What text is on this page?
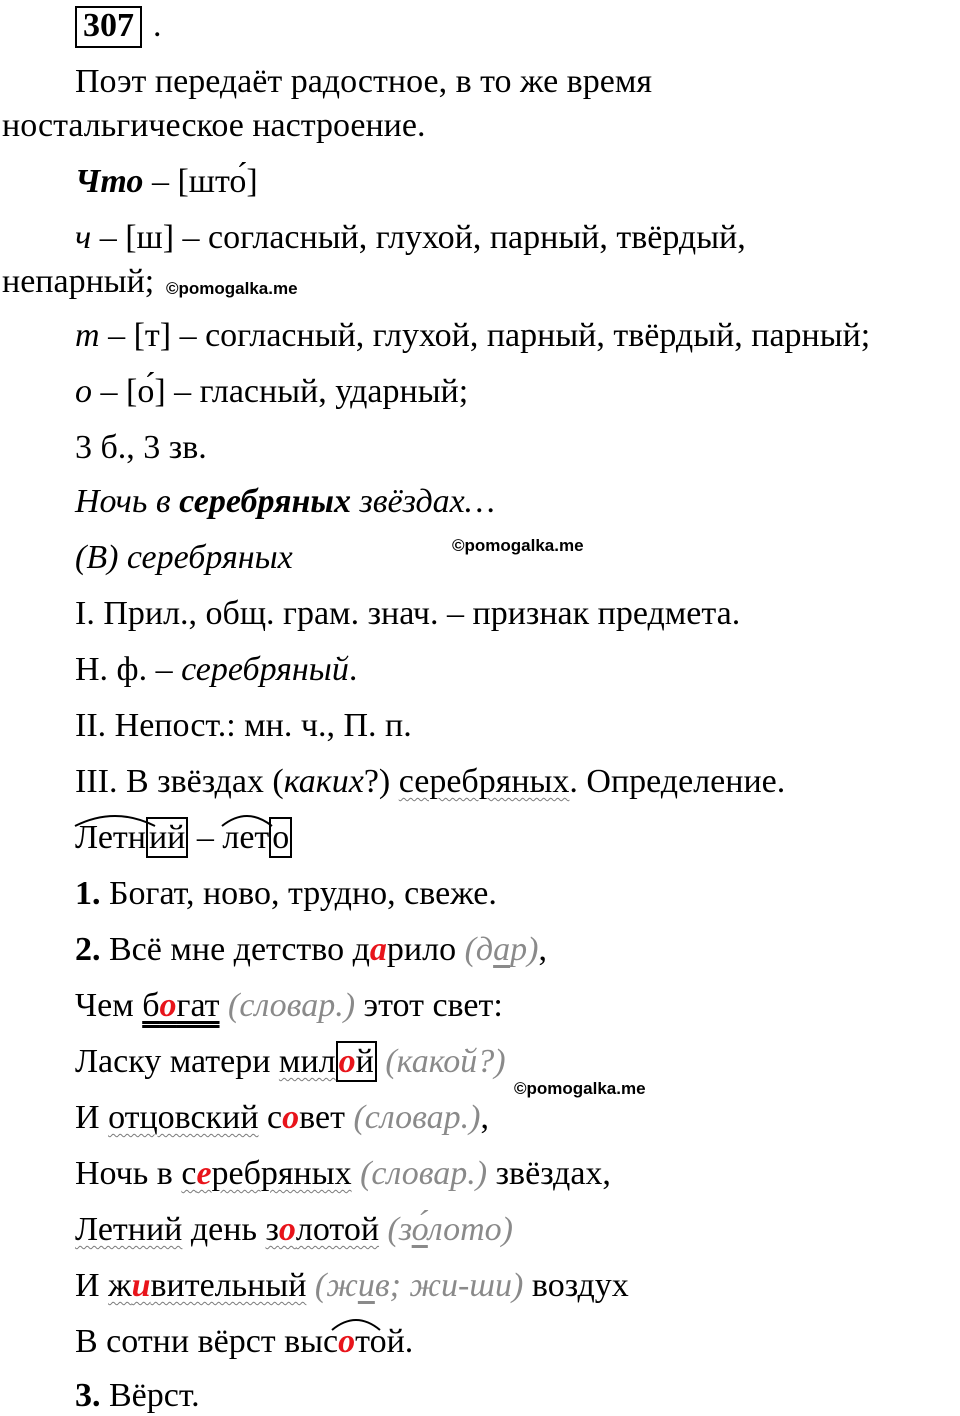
307 .
Поэт передаёт радостное, в то же время
ностальгическое настроение.
Что – [што́]
ч – [ш] – согласный, глухой, парный, твёрдый,
непарный; ©pomogalka.me
т – [т] – согласный, глухой, парный, твёрдый, парный;
о – [о́] – гласный, ударный;
3 б., 3 зв.
Ночь в серебряных звёздах…
(В) серебряных	©pomogalka.me
I. Прил., общ. грам. знач. – признак предмета.
Н. ф. – серебряный.
II. Непост.: мн. ч., П. п.
III. В звёздах (каких?) серебряных. Определение.
Летн
ий – лет
о
1. Богат, ново, трудно, свеже.
2. Всё мне детство дарило (дар),
Чем богат (словар.) этот свет:
Ласку матери милой (какой?)
©pomogalka.me
И отцовский совет (словар.),
Ночь в серебряных (словар.) звёздах,
Летний день золотой (зо́лото)
И живительный (жив; жи-ши) воздух
В сотни вёрст высо
той.
3. Вёрст.
